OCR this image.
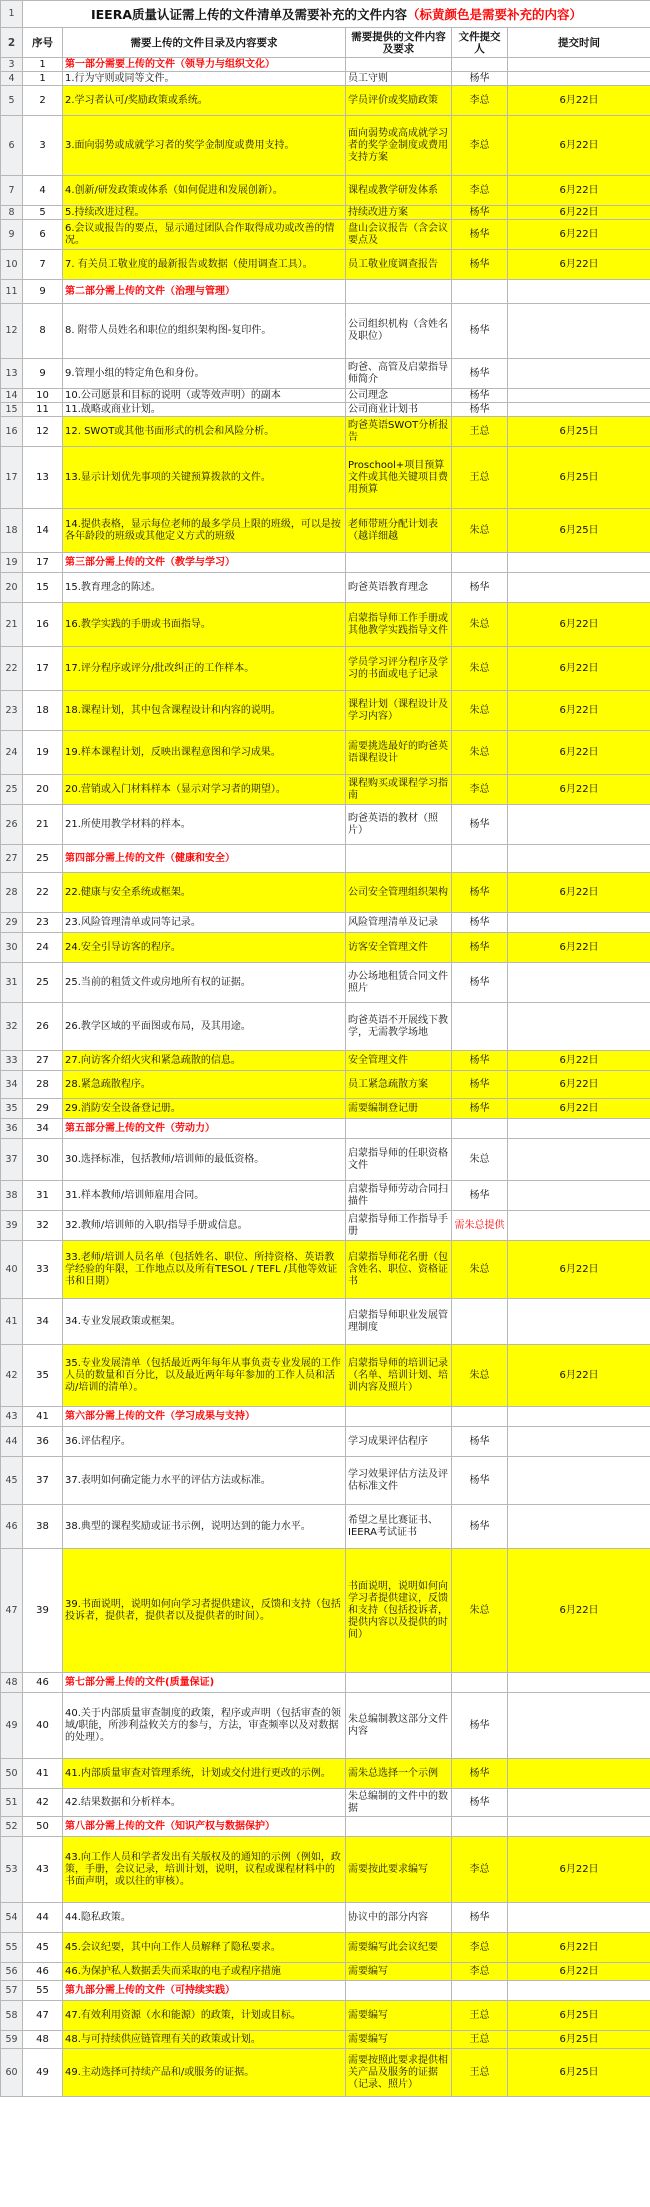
1	IEERA质量认证需上传的文件清单及需要补充的文件内容（标黄颜色是需要补充的内容）				
2	序号	需要上传的文件目录及内容要求	需要提供的文件内容及要求	文件提交人	提交时间
3	1	第一部分需要上传的文件（领导力与组织文化）			
4	1	1.行为守则或同等文件。	员工守则	杨华	
5	2	2.学习者认可/奖励政策或系统。	学员评价或奖励政策	李总	6月22日
6	3	3.面向弱势或成就学习者的奖学金制度或费用支持。	面向弱势或高成就学习者的奖学金制度或费用支持方案	李总	6月22日
7	4	4.创新/研发政策或体系（如何促进和发展创新）。	课程或教学研发体系	李总	6月22日
8	5	5.持续改进过程。	持续改进方案	杨华	6月22日
9	6	6.会议或报告的要点，显示通过团队合作取得成功或改善的情况。	盘山会议报告（含会议要点及	杨华	6月22日
10	7	7. 有关员工敬业度的最新报告或数据（使用调查工具）。	员工敬业度调查报告	杨华	6月22日
11	9	第二部分需上传的文件（治理与管理）			
12	8	8. 附带人员姓名和职位的组织架构图-复印件。	公司组织机构（含姓名及职位）	杨华	
13	9	9.管理小组的特定角色和身份。	昀爸、高管及启蒙指导师简介	杨华	
14	10	10.公司愿景和目标的说明（或等效声明）的副本	公司理念	杨华	
15	11	11.战略或商业计划。	公司商业计划书	杨华	
16	12	12. SWOT或其他书面形式的机会和风险分析。	昀爸英语SWOT分析报告	王总	6月25日
17	13	13.显示计划优先事项的关键预算拨款的文件。	Proschool+项目预算文件或其他关键项目费用预算	王总	6月25日
18	14	14.提供表格，显示每位老师的最多学员上限的班级，可以是按各年龄段的班级或其他定义方式的班级	老师带班分配计划表（越详细越	朱总	6月25日
19	17	第三部分需上传的文件（教学与学习）			
20	15	15.教育理念的陈述。	昀爸英语教育理念	杨华	
21	16	16.教学实践的手册或书面指导。	启蒙指导师工作手册或其他教学实践指导文件	朱总	6月22日
22	17	17.评分程序或评分/批改纠正的工作样本。	学员学习评分程序及学习的书面或电子记录	朱总	6月22日
23	18	18.课程计划，其中包含课程设计和内容的说明。	课程计划（课程设计及学习内容）	朱总	6月22日
24	19	19.样本课程计划，反映出课程意图和学习成果。	需要挑选最好的昀爸英语课程设计	朱总	6月22日
25	20	20.营销或入门材料样本（显示对学习者的期望）。	课程购买或课程学习指南	李总	6月22日
26	21	21.所使用教学材料的样本。	昀爸英语的教材（照片）	杨华	
27	25	第四部分需上传的文件（健康和安全）			
28	22	22.健康与安全系统或框架。	公司安全管理组织架构	杨华	6月22日
29	23	23.风险管理清单或同等记录。	风险管理清单及记录	杨华	
30	24	24.安全引导访客的程序。	访客安全管理文件	杨华	6月22日
31	25	25.当前的租赁文件或房地所有权的证据。	办公场地租赁合同文件照片	杨华	
32	26	26.教学区域的平面图或布局，及其用途。	昀爸英语不开展线下教学，无需教学场地		
33	27	27.向访客介绍火灾和紧急疏散的信息。	安全管理文件	杨华	6月22日
34	28	28.紧急疏散程序。	员工紧急疏散方案	杨华	6月22日
35	29	29.消防安全设备登记册。	需要编制登记册	杨华	6月22日
36	34	第五部分需上传的文件（劳动力）			
37	30	30.选择标准，包括教师/培训师的最低资格。	启蒙指导师的任职资格文件	朱总	
38	31	31.样本教师/培训师雇用合同。	启蒙指导师劳动合同扫描件	杨华	
39	32	32.教师/培训师的入职/指导手册或信息。	启蒙指导师工作指导手册	需朱总提供	
40	33	33.老师/培训人员名单（包括姓名、职位、所持资格、英语教学经验的年限，工作地点以及所有TESOL / TEFL /其他等效证书和日期）	启蒙指导师花名册（包含姓名、职位、资格证书	朱总	6月22日
41	34	34.专业发展政策或框架。	启蒙指导师职业发展管理制度		
42	35	35.专业发展清单（包括最近两年每年从事负责专业发展的工作人员的数量和百分比，以及最近两年每年参加的工作人员和活动/培训的清单）。	启蒙指导师的培训记录（名单、培训计划、培训内容及照片）	朱总	6月22日
43	41	第六部分需上传的文件（学习成果与支持）			
44	36	36.评估程序。	学习成果评估程序	杨华	
45	37	37.表明如何确定能力水平的评估方法或标准。	学习效果评估方法及评估标准文件	杨华	
46	38	38.典型的课程奖励或证书示例，说明达到的能力水平。	希望之星比赛证书、IEERA考试证书	杨华	
47	39	39.书面说明，说明如何向学习者提供建议，反馈和支持（包括投诉者，提供者，提供者以及提供者的时间）。	书面说明，说明如何向学习者提供建议，反馈和支持（包括投诉者，提供内容以及提供的时间）	朱总	6月22日
48	46	第七部分需上传的文件(质量保证)			
49	40	40.关于内部质量审查制度的政策，程序或声明（包括审查的领域/职能，所涉利益攸关方的参与，方法，审查频率以及对数据的处理）。	朱总编制教这部分文件内容	杨华	
50	41	41.内部质量审查对管理系统，计划或交付进行更改的示例。	需朱总选择一个示例	杨华	
51	42	42.结果数据和分析样本。	朱总编制的文件中的数据	杨华	
52	50	第八部分需上传的文件（知识产权与数据保护）			
53	43	43.向工作人员和学者发出有关版权及的通知的示例（例如，政策，手册，会议记录，培训计划，说明，议程或课程材料中的书面声明，或以往的审核）。	需要按此要求编写	李总	6月22日
54	44	44.隐私政策。	协议中的部分内容	杨华	
55	45	45.会议纪要，其中向工作人员解释了隐私要求。	需要编写此会议纪要	李总	6月22日
56	46	46.为保护私人数据丢失而采取的电子或程序措施	需要编写	李总	6月22日
57	55	第九部分需上传的文件（可持续实践）			
58	47	47.有效利用资源（水和能源）的政策，计划或目标。	需要编写	王总	6月25日
59	48	48.与可持续供应链管理有关的政策或计划。	需要编写	王总	6月25日
60	49	49.主动选择可持续产品和/或服务的证据。	需要按照此要求提供相关产品及服务的证据（记录、照片）	王总	6月25日
